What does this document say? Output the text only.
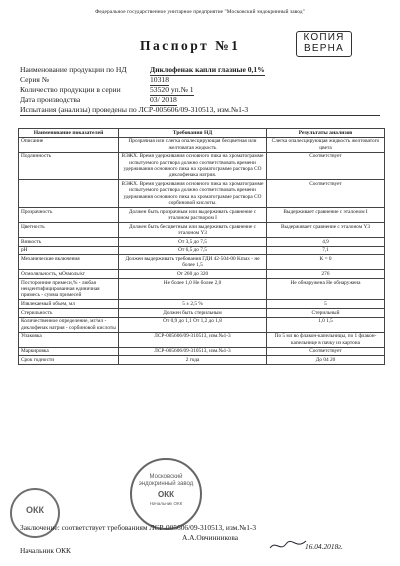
Федеральное государственное унитарное предприятие "Московский эндокринный завод"
Паспорт №1
КОПИЯ
ВЕРНА
Наименование продукции по НД	Диклофенак капли глазные 0,1%
Серия №	10318
Количество продукции в серии	53520 уп.№ 1
Дата производства	03/ 2018
Испытания (анализы) проведены по ЛСР-005606/09-310513, изм.№1-3
Наименование показателей	Требования НД	Результаты анализов
Описание	Прозрачная или слегка опалесцирующая бесцветная или желтоватая жидкость	Слегка опалесцирующая жидкость желтоватого цвета
Подлинность	ВЭЖХ. Время удерживания основного пика на хроматограмме испытуемого раствора должно соответствовать времени удерживания основного пика на хроматограмме раствора СО диклофенака натрия.	Соответствует
	ВЭЖХ. Время удерживания основного пика на хроматограмме испытуемого раствора должно соответствовать времени удерживания основного пика на хроматограмме раствора СО сорбиновой кислоты.	Соответствует
Прозрачность	Должен быть прозрачным или выдерживать сравнение с эталоном раствором I	Выдерживает сравнение с эталоном I
Цветность	Должен быть бесцветным или выдерживать сравнение с эталоном Y3	Выдерживает сравнение с эталоном Y3
Вязкость	От 3,5 до 7,5	4,9
pH	От 6,5 до 7,5	7,1
Механические включения	Должен выдерживать требования ГДИ 42-504-00 Kmax - не более 1,5	K = 0
Осмоляльность, мОsмоль/кг	От 260 до 320	276
Посторонние примеси,% - любая неидентифицированная единичная примесь - сумма примесей	Не более 1,0 Не более 2,0	Не обнаружена Не обнаружена
Извлекаемый объем, мл	5 ± 2,5 %	5
Стерильность	Должен быть стерильным	Стерильный
Количественное определение, мг/мл - диклофенак натрия - сорбиновой кислоты	От 0,9 до 1,1 От 1,2 до 1,8	1,0 1,5
Упаковка	ЛСР-005606/09-310513, изм.№1-3	По 5 мл во флакон-капельницы, по 1 флакон-капельнице в пачку из картона
Маркировка	ЛСР-005606/09-310513, изм.№1-3	Соответствует
Срок годности	2 года	До 04 20
Заключение: соответствует требованиям ЛСР-005606/09-310513, изм.№1-3
Начальник ОКК
А.А.Овчинникова
16.04.2018г.
Московский эндокринный завод
ОКК
Начальник ОКК
ОКК
